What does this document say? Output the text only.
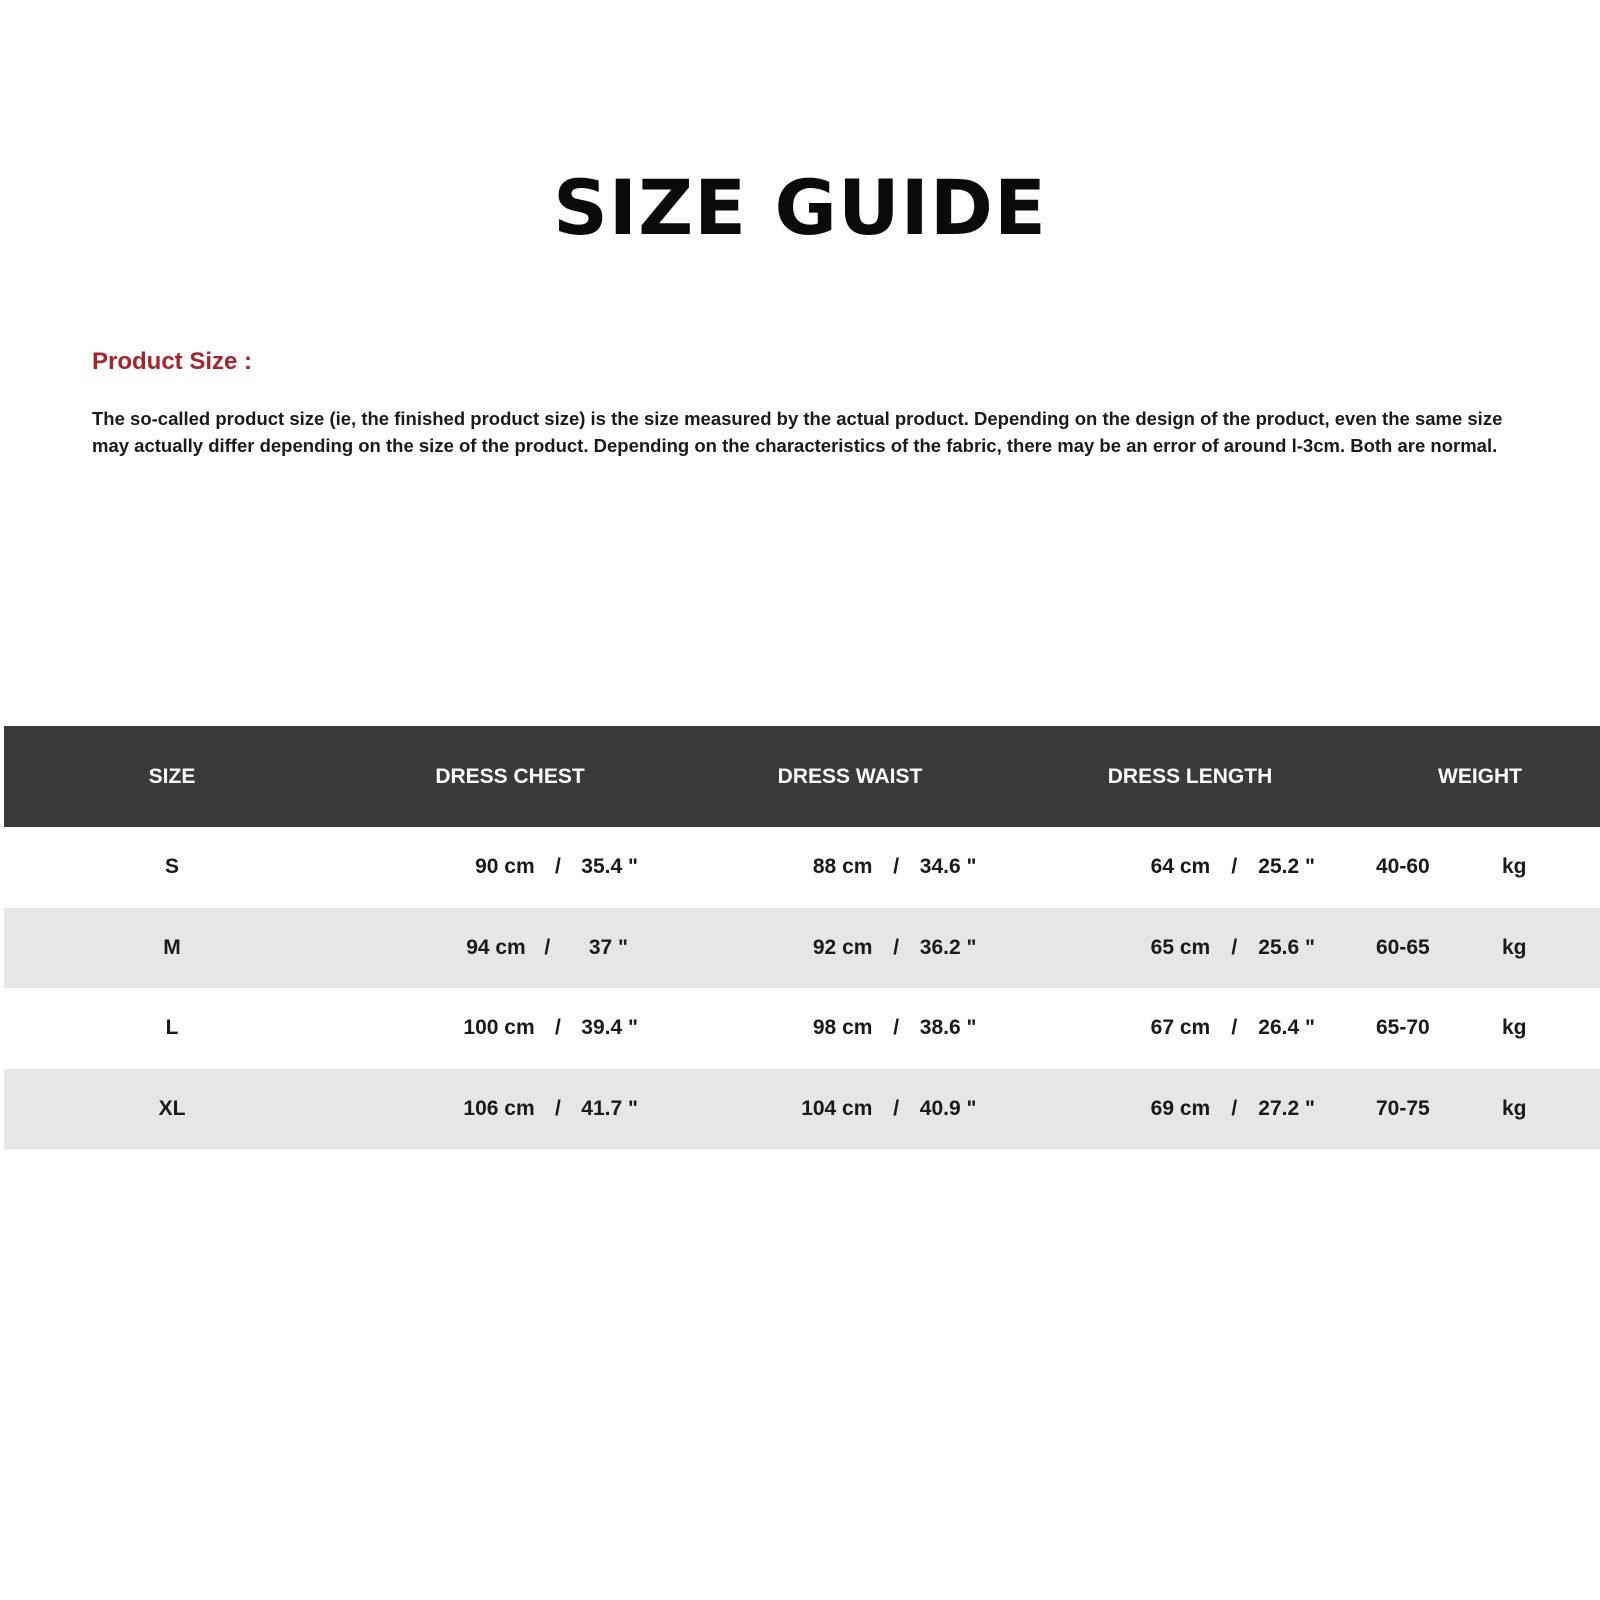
SIZE GUIDE
Product Size :
The so-called product size (ie, the finished product size) is the size measured by the actual product. Depending on the design of the product, even the same size may actually differ depending on the size of the product. Depending on the characteristics of the fabric, there may be an error of around l-3cm. Both are normal.
SIZE	DRESS CHEST	DRESS WAIST	DRESS LENGTH	WEIGHT
S	90 cm / 35.4 "	88 cm / 34.6 "	64 cm / 25.2 "	40-60 kg
M	94 cm / 37 "	92 cm / 36.2 "	65 cm / 25.6 "	60-65 kg
L	100 cm / 39.4 "	98 cm / 38.6 "	67 cm / 26.4 "	65-70 kg
XL	106 cm / 41.7 "	104 cm / 40.9 "	69 cm / 27.2 "	70-75 kg
